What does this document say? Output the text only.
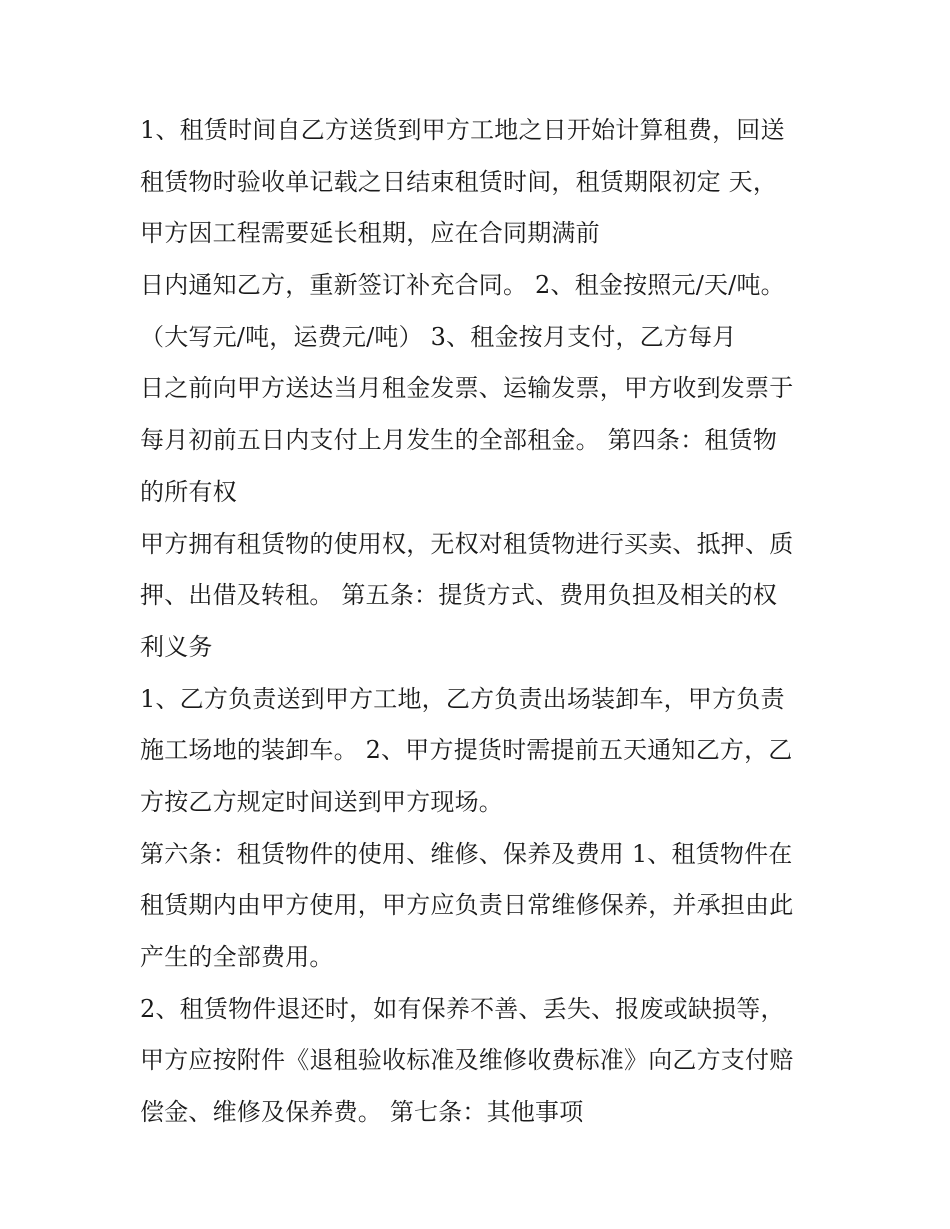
1、租赁时间自乙方送货到甲方工地之日开始计算租费，回送
租赁物时验收单记载之日结束租赁时间，租赁期限初定 天，
甲方因工程需要延长租期，应在合同期满前
日内通知乙方，重新签订补充合同。 2、租金按照元/天/吨。
（大写元/吨，运费元/吨） 3、租金按月支付，乙方每月
日之前向甲方送达当月租金发票、运输发票，甲方收到发票于
每月初前五日内支付上月发生的全部租金。 第四条：租赁物
的所有权
甲方拥有租赁物的使用权，无权对租赁物进行买卖、抵押、质
押、出借及转租。 第五条：提货方式、费用负担及相关的权
利义务
1、乙方负责送到甲方工地，乙方负责出场装卸车，甲方负责
施工场地的装卸车。 2、甲方提货时需提前五天通知乙方，乙
方按乙方规定时间送到甲方现场。
第六条：租赁物件的使用、维修、保养及费用 1、租赁物件在
租赁期内由甲方使用，甲方应负责日常维修保养，并承担由此
产生的全部费用。
2、租赁物件退还时，如有保养不善、丢失、报废或缺损等，
甲方应按附件《退租验收标准及维修收费标准》向乙方支付赔
偿金、维修及保养费。 第七条：其他事项
